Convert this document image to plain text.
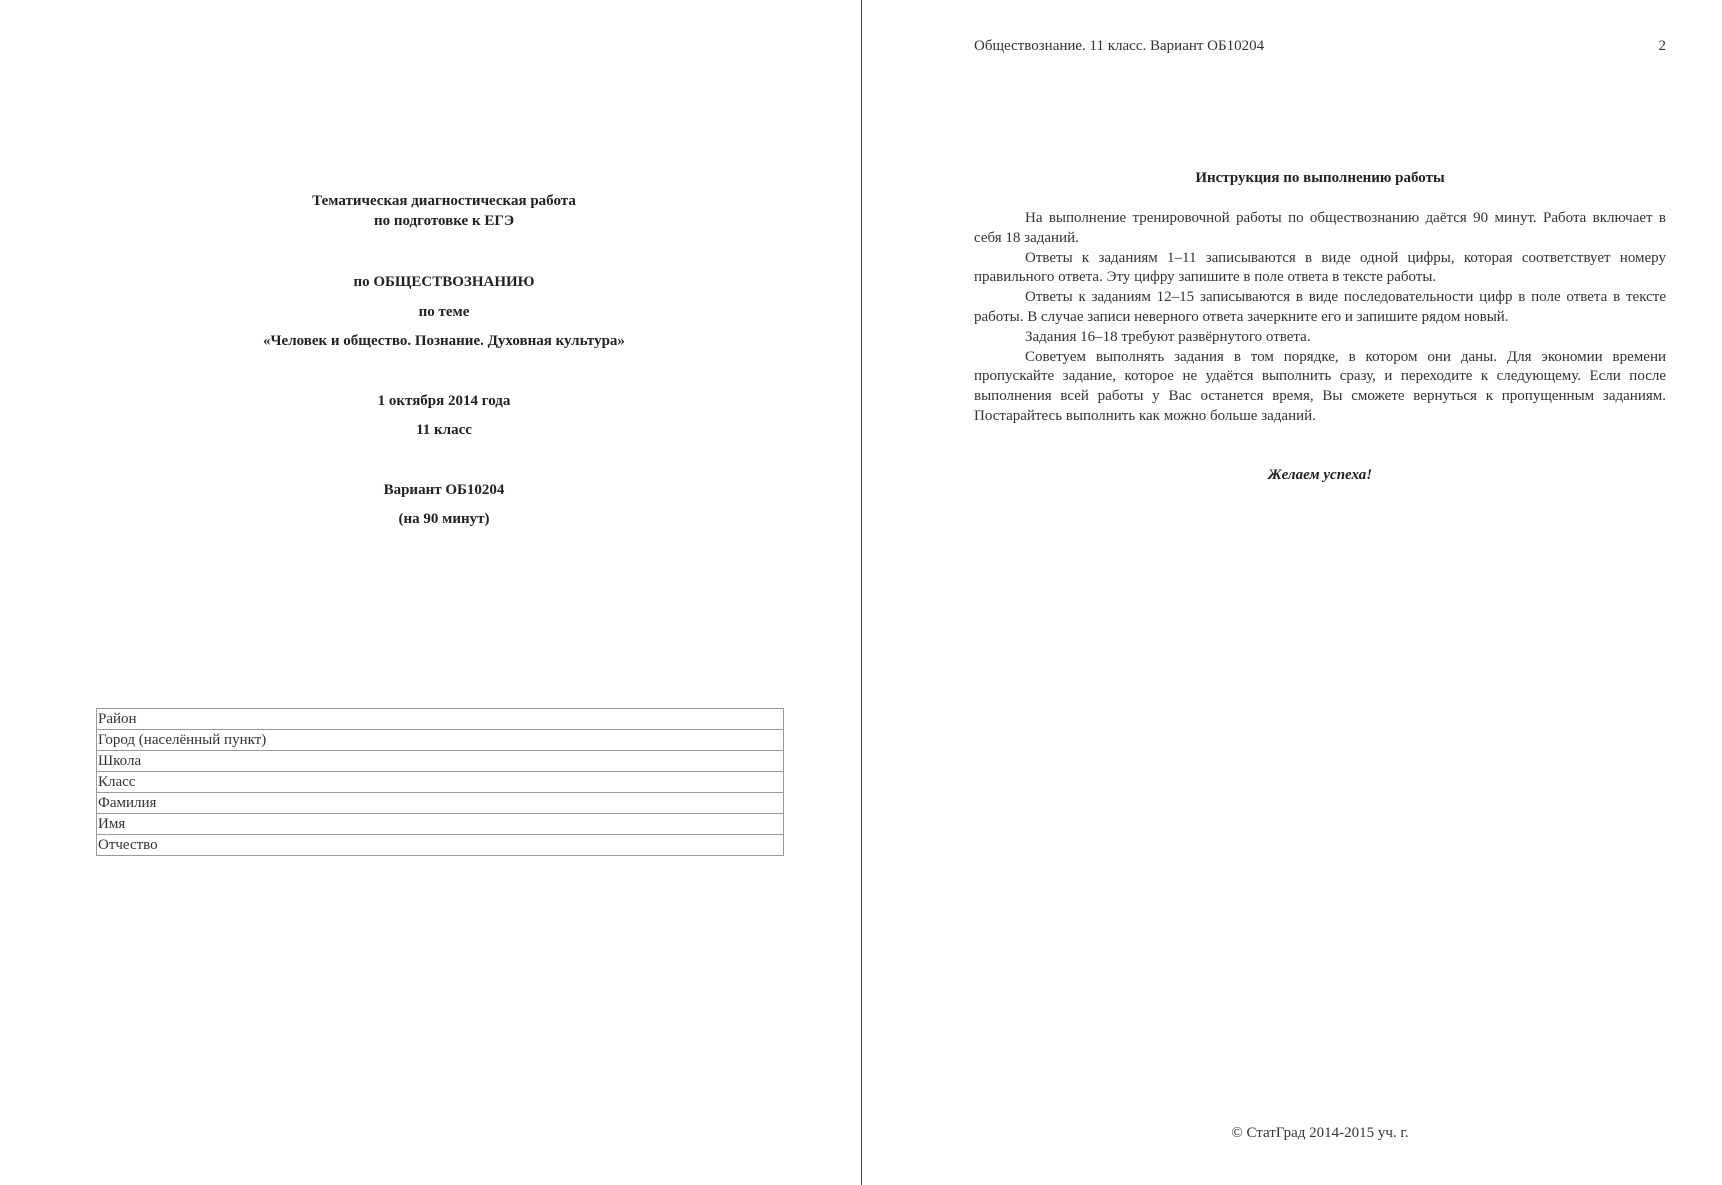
Тематическая диагностическая работа
по подготовке к ЕГЭ
по ОБЩЕСТВОЗНАНИЮ
по теме
«Человек и общество. Познание. Духовная культура»
1 октября 2014 года
11 класс
Вариант ОБ10204
(на 90 минут)
Район
Город (населённый пункт)
Школа
Класс
Фамилия
Имя
Отчество
Обществознание. 11 класс. Вариант ОБ10204	2
Инструкция по выполнению работы

На выполнение тренировочной работы по обществознанию даётся 90 минут. Работа включает в себя 18 заданий.

Ответы к заданиям 1–11 записываются в виде одной цифры, которая соответствует номеру правильного ответа. Эту цифру запишите в поле ответа в тексте работы.

Ответы к заданиям 12–15 записываются в виде последовательности цифр в поле ответа в тексте работы. В случае записи неверного ответа зачеркните его и запишите рядом новый.

Задания 16–18 требуют развёрнутого ответа.

Советуем выполнять задания в том порядке, в котором они даны. Для экономии времени пропускайте задание, которое не удаётся выполнить сразу, и переходите к следующему. Если после выполнения всей работы у Вас останется время, Вы сможете вернуться к пропущенным заданиям. Постарайтесь выполнить как можно больше заданий.

Желаем успеха!
© СтатГрад 2014-2015 уч. г.
